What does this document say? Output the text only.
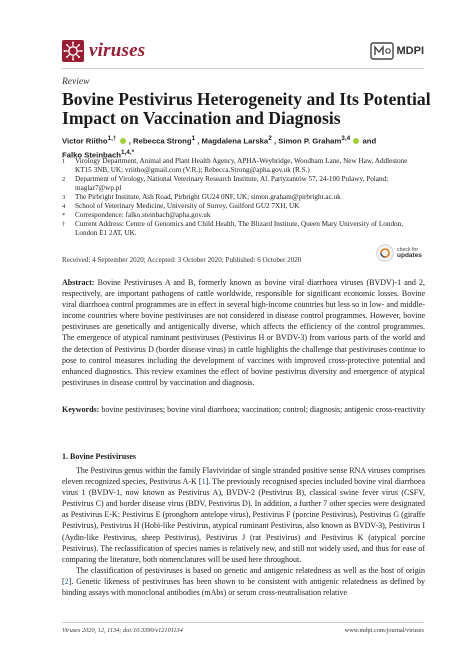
viruses	MDPI
Review
Bovine Pestivirus Heterogeneity and Its Potential Impact on Vaccination and Diagnosis
Victor Riitho$^{1,\dagger}$ , Rebecca Strong$^1$ , Magdalena Larska$^2$ , Simon P. Graham$^{3,4}$  and
Falko Steinbach$^{1,4,*}$
1	Virology Department, Animal and Plant Health Agency, APHA-Weybridge, Woodham Lane, New Haw, Addlestone KT15 3NB, UK; vriitho@gmail.com (V.R.); Rebecca.Strong@apha.gov.uk (R.S.)
2	Department of Virology, National Veterinary Research Institute, Al. Partyzantów 57, 24-100 Pulawy, Poland; maglar7@wp.pl
3	The Pirbright Institute, Ash Road, Pirbright GU24 0NF, UK; simon.graham@pirbright.ac.uk
4	School of Veterinary Medicine, University of Surrey, Guilford GU2 7XH, UK
*	Correspondence: falko.steinbach@apha.gov.uk
†	Current Address: Centre of Genomics and Child Health, The Blizard Institute, Queen Mary University of London, London E1 2AT, UK.
check for
updates
Received: 4 September 2020; Accepted: 3 October 2020; Published: 6 October 2020
Abstract: Bovine Pestiviruses A and B, formerly known as bovine viral diarrhoea viruses (BVDV)-1 and 2, respectively, are important pathogens of cattle worldwide, responsible for significant economic losses. Bovine viral diarrhoea control programmes are in effect in several high-income countries but less so in low- and middle-income countries where bovine pestiviruses are not considered in disease control programmes. However, bovine pestiviruses are genetically and antigenically diverse, which affects the efficiency of the control programmes. The emergence of atypical ruminant pestiviruses (Pestivirus H or BVDV-3) from various parts of the world and the detection of Pestivirus D (border disease virus) in cattle highlights the challenge that pestiviruses continue to pose to control measures including the development of vaccines with improved cross-protective potential and enhanced diagnostics. This review examines the effect of bovine pestivirus diversity and emergence of atypical pestiviruses in disease control by vaccination and diagnosis.
Keywords: bovine pestiviruses; bovine viral diarrhoea; vaccination; control; diagnosis; antigenic cross-reactivity
1. Bovine Pestiviruses

The Pestivirus genus within the family Flaviviridae of single stranded positive sense RNA viruses comprises eleven recognized species, Pestivirus A-K [1]. The previously recognised species included bovine viral diarrhoea virus 1 (BVDV-1, now known as Pestivirus A), BVDV-2 (Pestivirus B), classical swine fever virus (CSFV, Pestivirus C) and border disease virus (BDV, Pestivirus D). In addition, a further 7 other species were designated as Pestivirus E-K: Pestivirus E (pronghorn antelope virus), Pestivirus F (porcine Pestivirus), Pestivirus G (giraffe Pestivirus), Pestivirus H (Hobi-like Pestivirus, atypical ruminant Pestivirus, also known as BVDV-3), Pestivirus I (Aydin-like Pestivirus, sheep Pestivirus), Pestivirus J (rat Pestivirus) and Pestivirus K (atypical porcine Pestivirus). The reclassification of species names is relatively new, and still not widely used, and thus for ease of comparing the literature, both nomenclatures will be used here throughout.

The classification of pestiviruses is based on genetic and antigenic relatedness as well as the host of origin [2]. Genetic likeness of pestiviruses has been shown to be consistent with antigenic relatedness as defined by binding assays with monoclonal antibodies (mAbs) or serum cross-neutralisation relative

Viruses 2020, 12, 1134; doi:10.3390/v12101134	www.mdpi.com/journal/viruses
